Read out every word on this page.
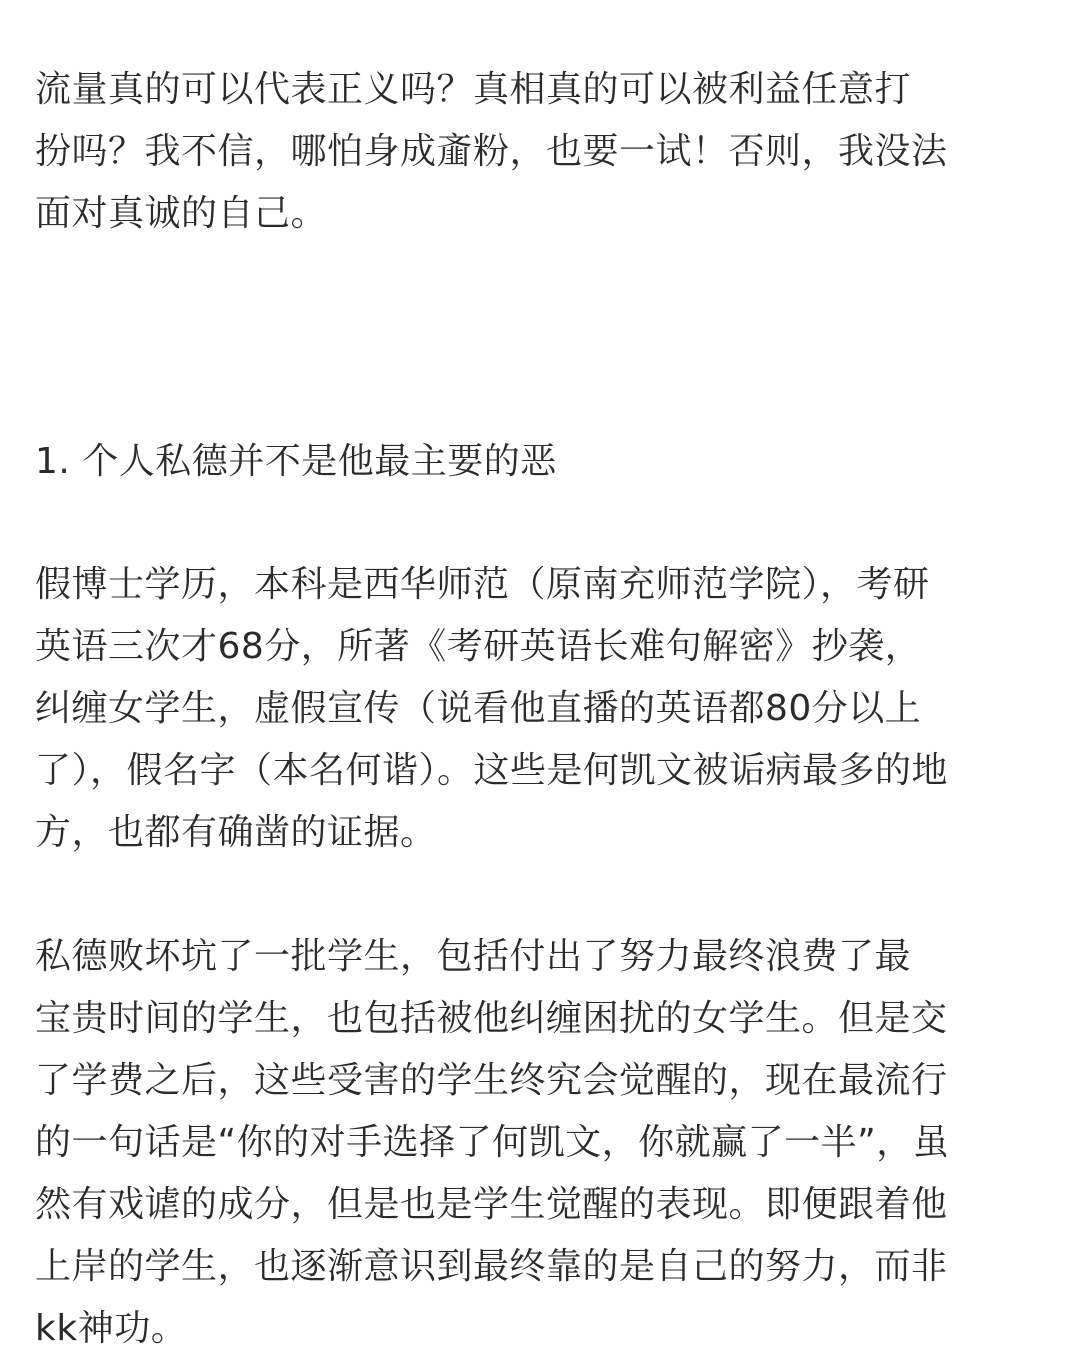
流量真的可以代表正义吗？真相真的可以被利益任意打
扮吗？我不信，哪怕身成齑粉，也要一试！否则，我没法
面对真诚的自己。
1. 个人私德并不是他最主要的恶
假博士学历，本科是西华师范（原南充师范学院），考研
英语三次才68分，所著《考研英语长难句解密》抄袭，
纠缠女学生，虚假宣传（说看他直播的英语都80分以上
了），假名字（本名何谐）。这些是何凯文被诟病最多的地
方，也都有确凿的证据。
私德败坏坑了一批学生，包括付出了努力最终浪费了最
宝贵时间的学生，也包括被他纠缠困扰的女学生。但是交
了学费之后，这些受害的学生终究会觉醒的，现在最流行
的一句话是“你的对手选择了何凯文，你就赢了一半”，虽
然有戏谑的成分，但是也是学生觉醒的表现。即便跟着他
上岸的学生，也逐渐意识到最终靠的是自己的努力，而非
kk神功。
